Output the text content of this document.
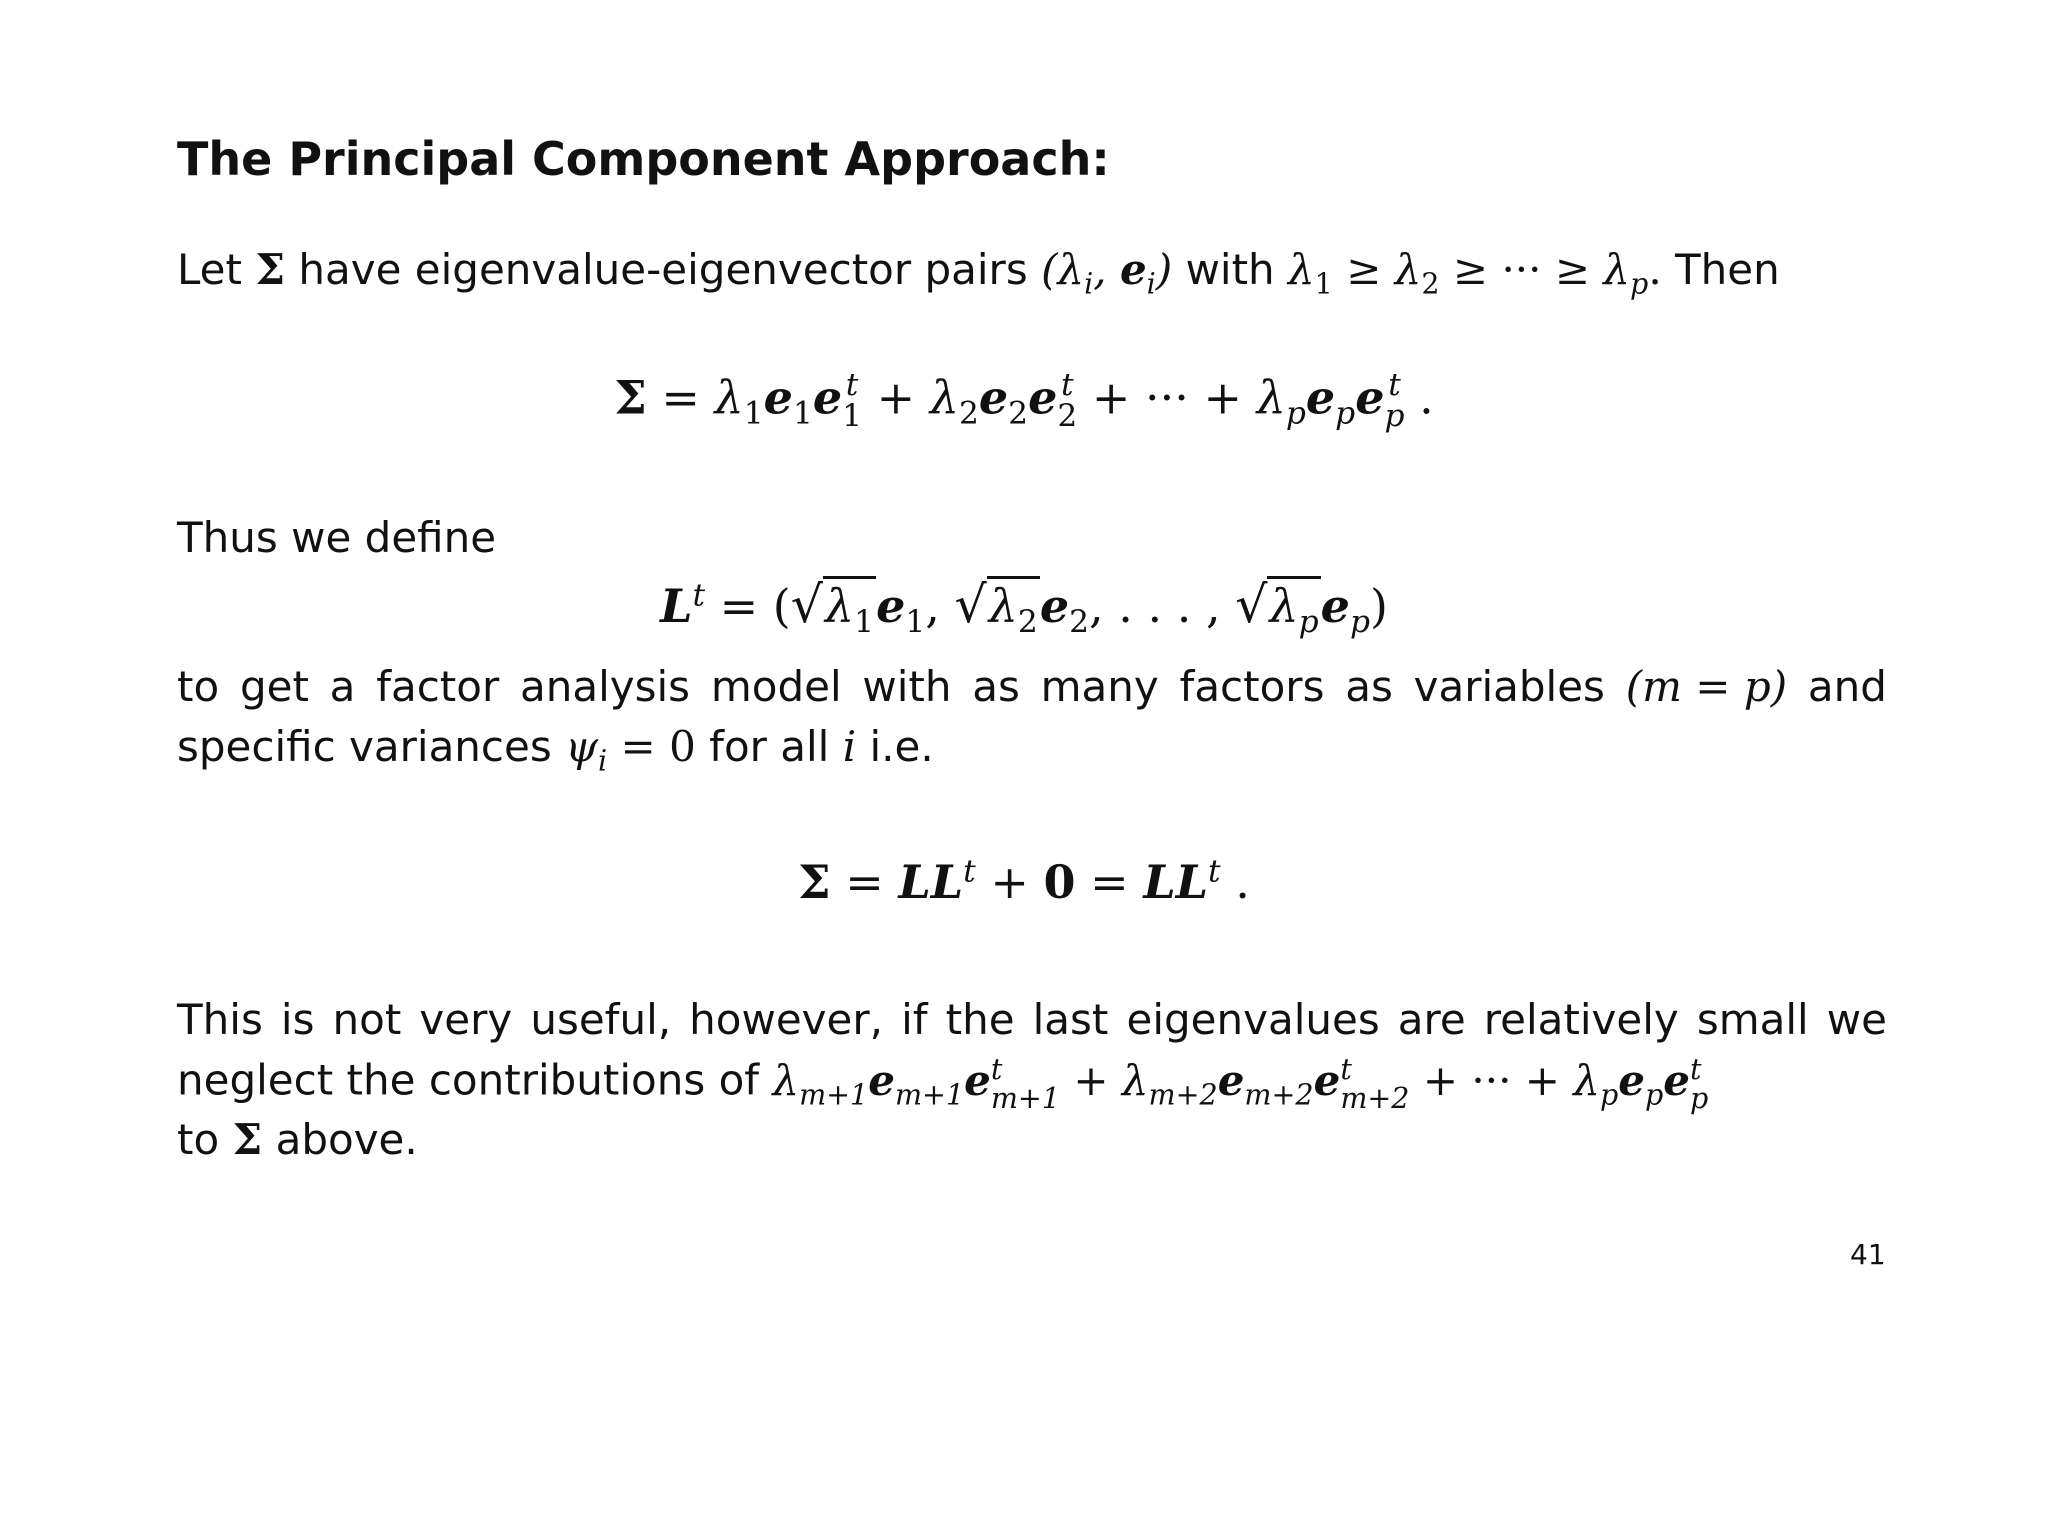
The Principal Component Approach:
Let Σ have eigenvalue-eigenvector pairs ($\lambda_i$, $e_i$) with $\lambda_1 \ge \lambda_2$ ≥ ··· ≥ $\lambda_p$. Then
$\Sigma = \lambda_1e_1e$ t
$1 + \lambda_2e_2e$ t
2 + ··· + $\lambda_pe_pe$ t
p .
Thus we define
$L^t = (√\lambda_1e_1$, $√\lambda_2e_2$, . . . , $√\lambda_pe_p$)
to get a factor analysis model with as many factors as variables (m = p) and
specific variances $\psi_i = 0$ for all i i.e.
$\Sigma = LL^t + 0 = LL^t$ .
This is not very useful, however, if the last eigenvalues are relatively small we
neglect the contributions of $\lambda_{m+1}e_{m+1}e$ t
$m+1 + \lambda_{m+2}e_{m+2}e$ t
m+2 + ··· + $\lambda_pe_pe$ t
p
to Σ above.
41
